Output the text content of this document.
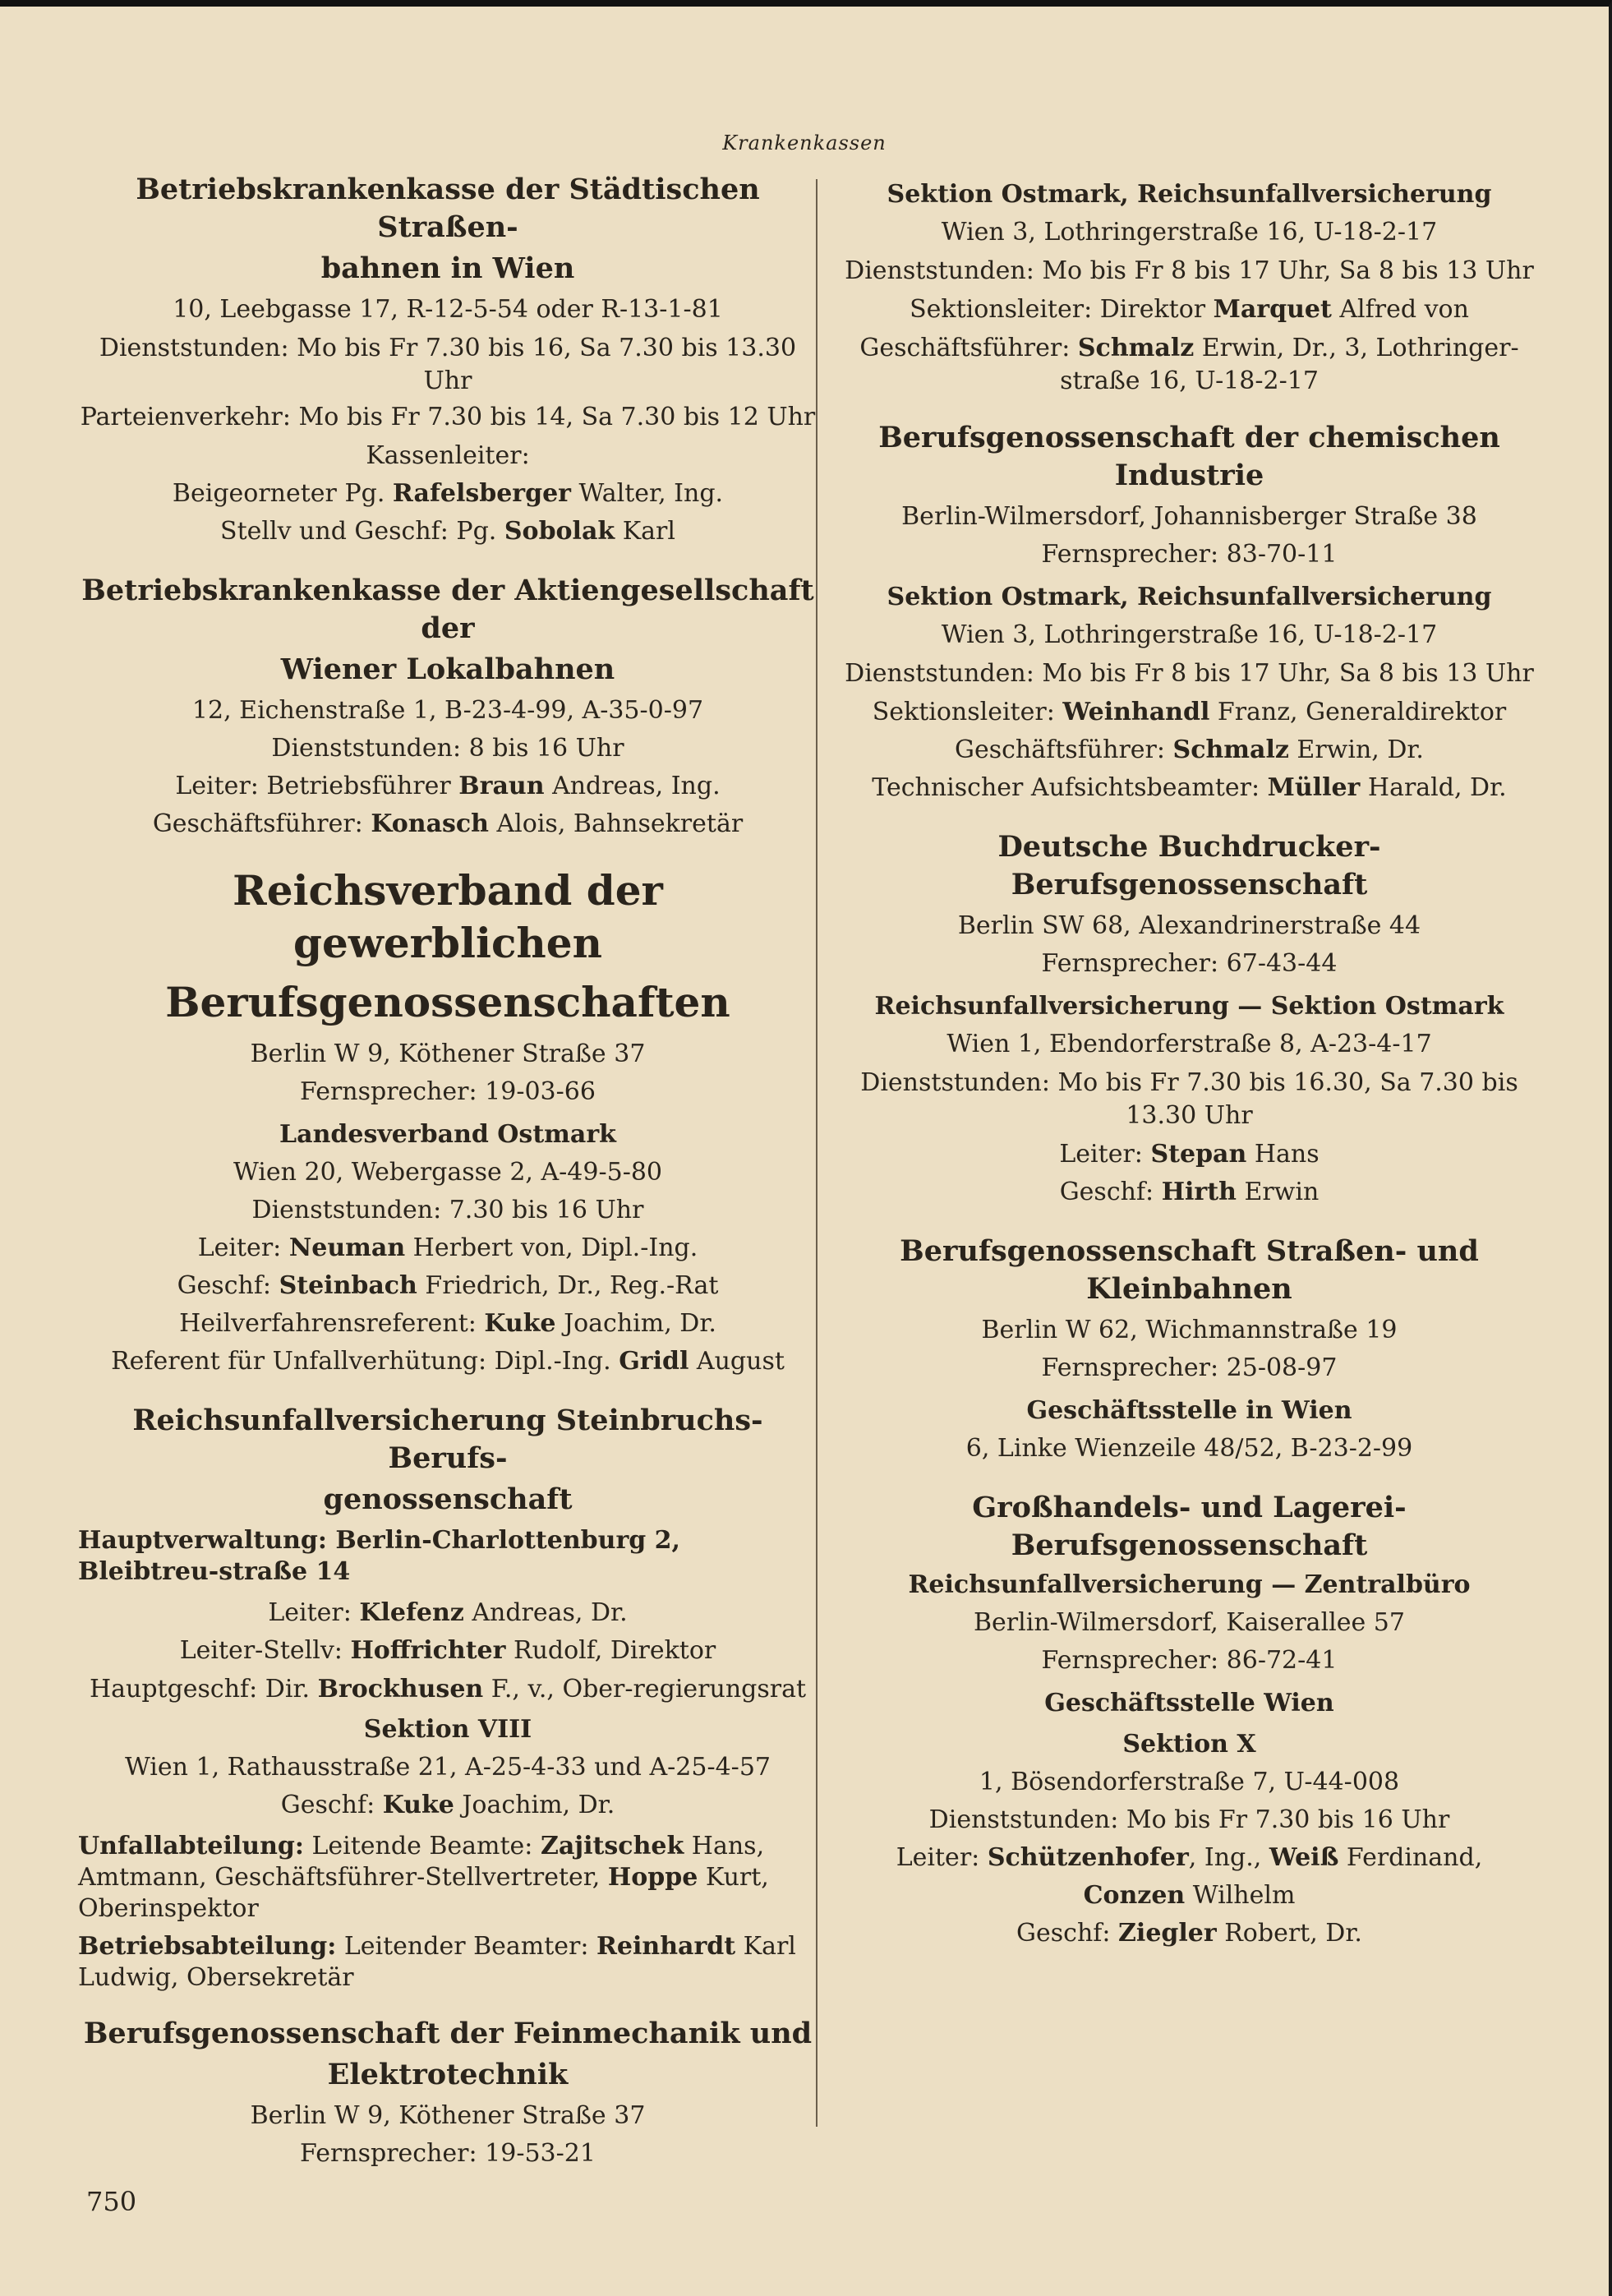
Krankenkassen
Betriebskrankenkasse der Städtischen Straßen-
bahnen in Wien
10, Leebgasse 17, R-12-5-54 oder R-13-1-81
Dienststunden: Mo bis Fr 7.30 bis 16, Sa 7.30 bis 13.30 Uhr
Parteienverkehr: Mo bis Fr 7.30 bis 14, Sa 7.30 bis 12 Uhr
Kassenleiter:
Beigeorneter Pg. Rafelsberger Walter, Ing.
Stellv und Geschf: Pg. Sobolak Karl
Betriebskrankenkasse der Aktiengesellschaft der
Wiener Lokalbahnen
12, Eichenstraße 1, B-23-4-99, A-35-0-97
Dienststunden: 8 bis 16 Uhr
Leiter: Betriebsführer Braun Andreas, Ing.
Geschäftsführer: Konasch Alois, Bahnsekretär
Reichsverband der gewerblichen
Berufsgenossenschaften
Berlin W 9, Köthener Straße 37
Fernsprecher: 19-03-66
Landesverband Ostmark
Wien 20, Webergasse 2, A-49-5-80
Dienststunden: 7.30 bis 16 Uhr
Leiter: Neuman Herbert von, Dipl.-Ing.
Geschf: Steinbach Friedrich, Dr., Reg.-Rat
Heilverfahrensreferent: Kuke Joachim, Dr.
Referent für Unfallverhütung: Dipl.-Ing. Gridl August
Reichsunfallversicherung Steinbruchs-Berufs-
genossenschaft
Hauptverwaltung: Berlin-Charlottenburg 2, Bleibtreu-straße 14
Leiter: Klefenz Andreas, Dr.
Leiter-Stellv: Hoffrichter Rudolf, Direktor
Hauptgeschf: Dir. Brockhusen F., v., Ober-regierungsrat
Sektion VIII
Wien 1, Rathausstraße 21, A-25-4-33 und A-25-4-57
Geschf: Kuke Joachim, Dr.
Unfallabteilung: Leitende Beamte: Zajitschek Hans, Amtmann, Geschäftsführer-Stellvertreter, Hoppe Kurt, Oberinspektor
Betriebsabteilung: Leitender Beamter: Reinhardt Karl Ludwig, Obersekretär
Berufsgenossenschaft der Feinmechanik und
Elektrotechnik
Berlin W 9, Köthener Straße 37
Fernsprecher: 19-53-21
Sektion Ostmark, Reichsunfallversicherung
Wien 3, Lothringerstraße 16, U-18-2-17
Dienststunden: Mo bis Fr 8 bis 17 Uhr, Sa 8 bis 13 Uhr
Sektionsleiter: Direktor Marquet Alfred von
Geschäftsführer: Schmalz Erwin, Dr., 3, Lothringer-straße 16, U-18-2-17
Berufsgenossenschaft der chemischen Industrie
Berlin-Wilmersdorf, Johannisberger Straße 38
Fernsprecher: 83-70-11
Sektion Ostmark, Reichsunfallversicherung
Wien 3, Lothringerstraße 16, U-18-2-17
Dienststunden: Mo bis Fr 8 bis 17 Uhr, Sa 8 bis 13 Uhr
Sektionsleiter: Weinhandl Franz, Generaldirektor
Geschäftsführer: Schmalz Erwin, Dr.
Technischer Aufsichtsbeamter: Müller Harald, Dr.
Deutsche Buchdrucker-Berufsgenossenschaft
Berlin SW 68, Alexandrinerstraße 44
Fernsprecher: 67-43-44
Reichsunfallversicherung — Sektion Ostmark
Wien 1, Ebendorferstraße 8, A-23-4-17
Dienststunden: Mo bis Fr 7.30 bis 16.30, Sa 7.30 bis 13.30 Uhr
Leiter: Stepan Hans
Geschf: Hirth Erwin
Berufsgenossenschaft Straßen- und Kleinbahnen
Berlin W 62, Wichmannstraße 19
Fernsprecher: 25-08-97
Geschäftsstelle in Wien
6, Linke Wienzeile 48/52, B-23-2-99
Großhandels- und Lagerei-Berufsgenossenschaft
Reichsunfallversicherung — Zentralbüro
Berlin-Wilmersdorf, Kaiserallee 57
Fernsprecher: 86-72-41
Geschäftsstelle Wien
Sektion X
1, Bösendorferstraße 7, U-44-008
Dienststunden: Mo bis Fr 7.30 bis 16 Uhr
Leiter: Schützenhofer, Ing., Weiß Ferdinand,
Conzen Wilhelm
Geschf: Ziegler Robert, Dr.
750
